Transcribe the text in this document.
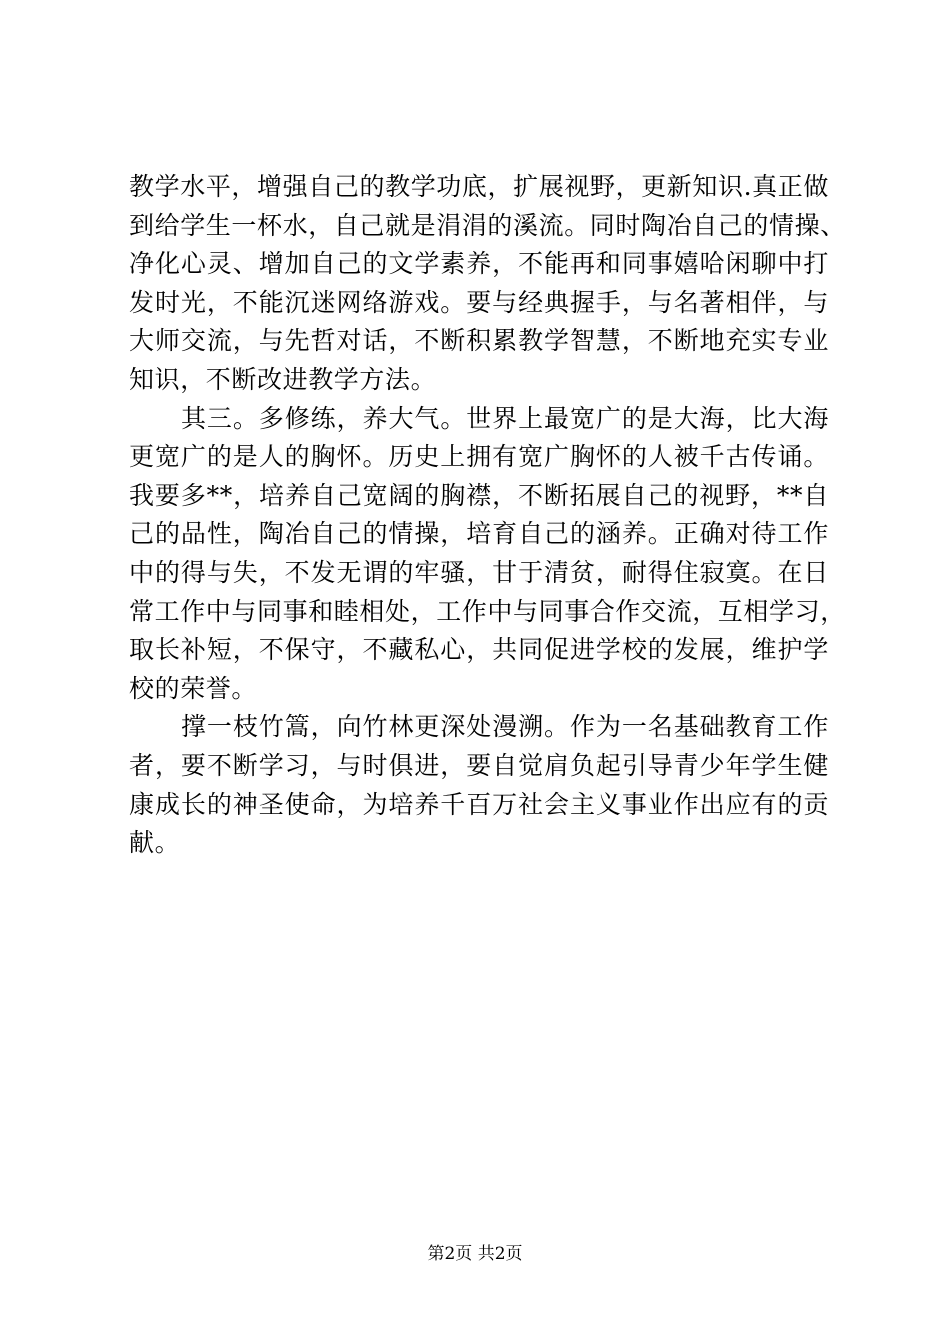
教学水平，增强自己的教学功底，扩展视野，更新知识.真正做
到给学生一杯水，自己就是涓涓的溪流。同时陶冶自己的情操、
净化心灵、增加自己的文学素养，不能再和同事嬉哈闲聊中打
发时光，不能沉迷网络游戏。要与经典握手，与名著相伴，与
大师交流，与先哲对话，不断积累教学智慧，不断地充实专业
知识，不断改进教学方法。
其三。多修练，养大气。世界上最宽广的是大海，比大海
更宽广的是人的胸怀。历史上拥有宽广胸怀的人被千古传诵。
我要多**，培养自己宽阔的胸襟，不断拓展自己的视野，**自
己的品性，陶冶自己的情操，培育自己的涵养。正确对待工作
中的得与失，不发无谓的牢骚，甘于清贫，耐得住寂寞。在日
常工作中与同事和睦相处，工作中与同事合作交流，互相学习，
取长补短，不保守，不藏私心，共同促进学校的发展，维护学
校的荣誉。
撑一枝竹篙，向竹林更深处漫溯。作为一名基础教育工作
者，要不断学习，与时俱进，要自觉肩负起引导青少年学生健
康成长的神圣使命，为培养千百万社会主义事业作出应有的贡
献。
第2页 共2页
